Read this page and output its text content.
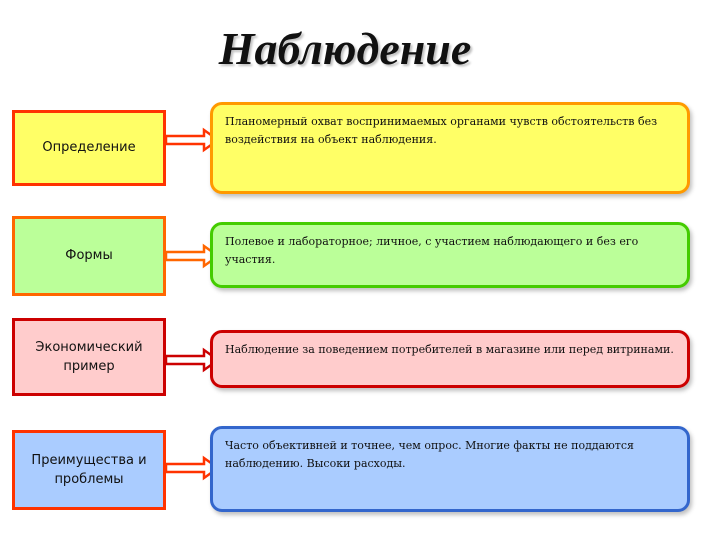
Наблюдение
Определение
Планомерный охват воспринимаемых органами чувств обстоятельств без воздействия на объект наблюдения.
Формы
Полевое и лабораторное; личное, с участием наблюдающего и без его участия.
Экономический пример
Наблюдение за поведением потребителей в магазине или перед витринами.
Преимущества и проблемы
Часто объективней и точнее, чем опрос. Многие факты не поддаются наблюдению. Высоки расходы.
